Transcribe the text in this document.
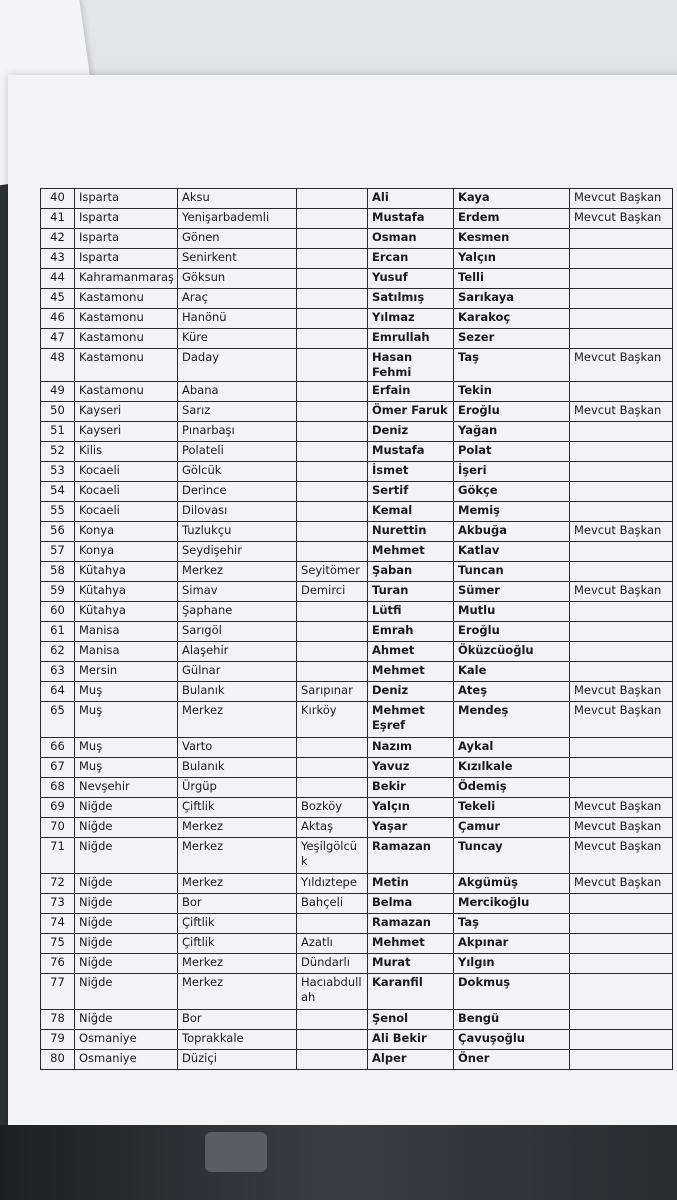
40	Isparta	Aksu		Ali	Kaya	Mevcut Başkan
41	Isparta	Yenişarbademli		Mustafa	Erdem	Mevcut Başkan
42	Isparta	Gönen		Osman	Kesmen	
43	Isparta	Senirkent		Ercan	Yalçın	
44	Kahramanmaraş	Göksun		Yusuf	Telli	
45	Kastamonu	Araç		Satılmış	Sarıkaya	
46	Kastamonu	Hanönü		Yılmaz	Karakoç	
47	Kastamonu	Küre		Emrullah	Sezer	
48	Kastamonu	Daday		Hasan Fehmi	Taş	Mevcut Başkan
49	Kastamonu	Abana		Erfain	Tekin	
50	Kayseri	Sarız		Ömer Faruk	Eroğlu	Mevcut Başkan
51	Kayseri	Pınarbaşı		Deniz	Yağan	
52	Kilis	Polateli		Mustafa	Polat	
53	Kocaeli	Gölcük		İsmet	İşeri	
54	Kocaeli	Derince		Sertif	Gökçe	
55	Kocaeli	Dilovası		Kemal	Memiş	
56	Konya	Tuzlukçu		Nurettin	Akbuğa	Mevcut Başkan
57	Konya	Seydişehir		Mehmet	Katlav	
58	Kütahya	Merkez	Seyitömer	Şaban	Tuncan	
59	Kütahya	Simav	Demirci	Turan	Sümer	Mevcut Başkan
60	Kütahya	Şaphane		Lütfi	Mutlu	
61	Manisa	Sarıgöl		Emrah	Eroğlu	
62	Manisa	Alaşehir		Ahmet	Öküzcüoğlu	
63	Mersin	Gülnar		Mehmet	Kale	
64	Muş	Bulanık	Sarıpınar	Deniz	Ateş	Mevcut Başkan
65	Muş	Merkez	Kırköy	Mehmet Eşref	Mendeş	Mevcut Başkan
66	Muş	Varto		Nazım	Aykal	
67	Muş	Bulanık		Yavuz	Kızılkale	
68	Nevşehir	Ürgüp		Bekir	Ödemiş	
69	Niğde	Çiftlik	Bozköy	Yalçın	Tekeli	Mevcut Başkan
70	Niğde	Merkez	Aktaş	Yaşar	Çamur	Mevcut Başkan
71	Niğde	Merkez	Yeşilgölcük	Ramazan	Tuncay	Mevcut Başkan
72	Niğde	Merkez	Yıldıztepe	Metin	Akgümüş	Mevcut Başkan
73	Niğde	Bor	Bahçeli	Belma	Mercikoğlu	
74	Niğde	Çiftlik		Ramazan	Taş	
75	Niğde	Çiftlik	Azatlı	Mehmet	Akpınar	
76	Niğde	Merkez	Dündarlı	Murat	Yılgın	
77	Niğde	Merkez	Hacıabdullah	Karanfil	Dokmuş	
78	Niğde	Bor		Şenol	Bengü	
79	Osmaniye	Toprakkale		Ali Bekir	Çavuşoğlu	
80	Osmaniye	Düziçi		Alper	Öner	
